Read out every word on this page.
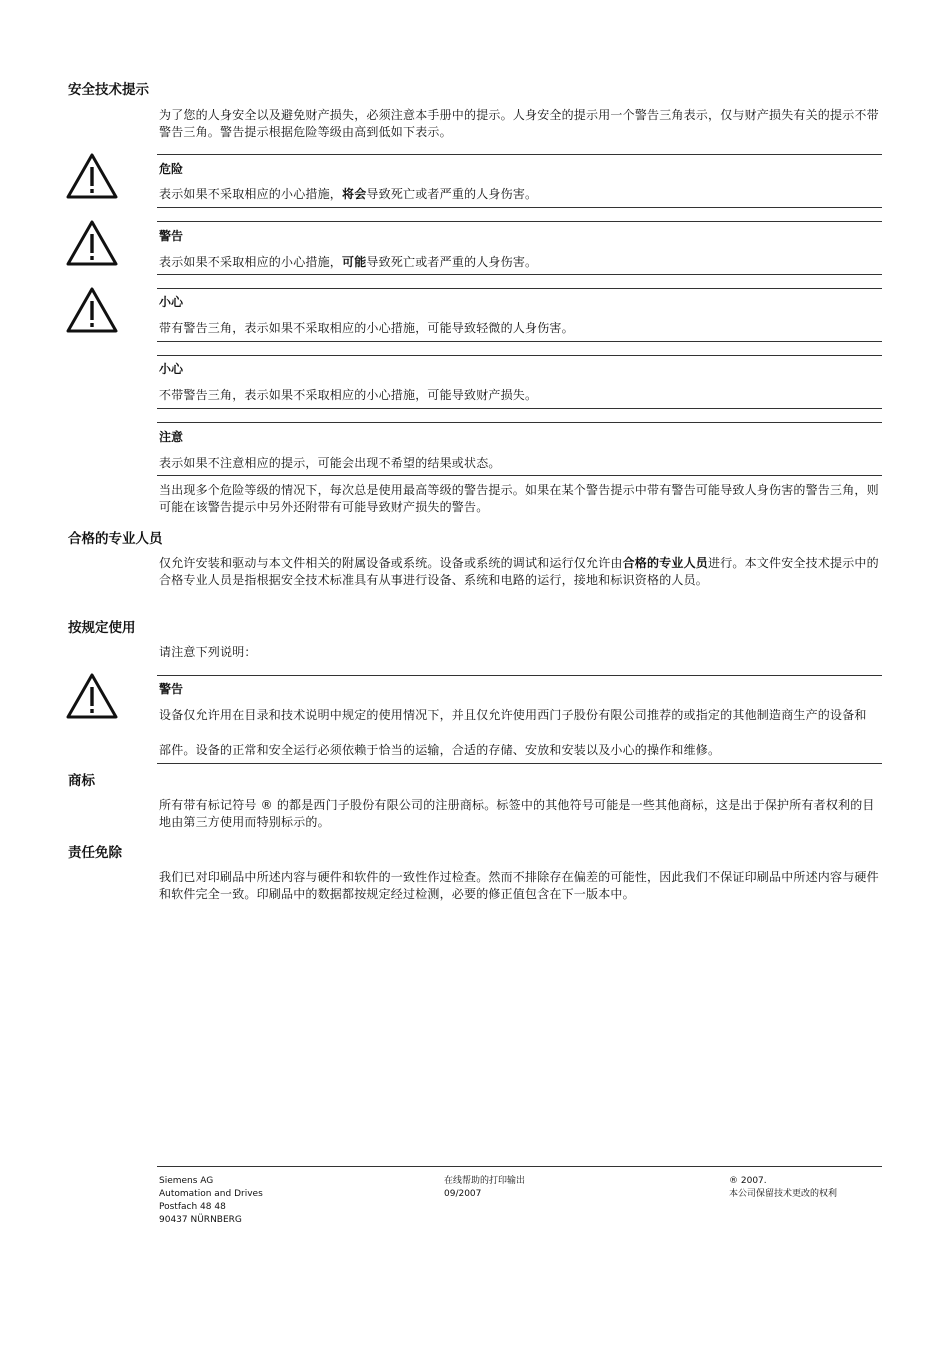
安全技术提示

为了您的人身安全以及避免财产损失，必须注意本手册中的提示。人身安全的提示用一个警告三角表示，仅与财产损失有关的提示不带警告三角。警告提示根据危险等级由高到低如下表示。

危险

表示如果不采取相应的小心措施，将会导致死亡或者严重的人身伤害。

警告

表示如果不采取相应的小心措施，可能导致死亡或者严重的人身伤害。

小心

带有警告三角，表示如果不采取相应的小心措施，可能导致轻微的人身伤害。

小心

不带警告三角，表示如果不采取相应的小心措施，可能导致财产损失。

注意

表示如果不注意相应的提示，可能会出现不希望的结果或状态。

当出现多个危险等级的情况下，每次总是使用最高等级的警告提示。如果在某个警告提示中带有警告可能导致人身伤害的警告三角，则可能在该警告提示中另外还附带有可能导致财产损失的警告。

合格的专业人员

仅允许安装和驱动与本文件相关的附属设备或系统。设备或系统的调试和运行仅允许由合格的专业人员进行。本文件安全技术提示中的合格专业人员是指根据安全技术标准具有从事进行设备、系统和电路的运行，接地和标识资格的人员。

按规定使用

请注意下列说明：

警告

设备仅允许用在目录和技术说明中规定的使用情况下，并且仅允许使用西门子股份有限公司推荐的或指定的其他制造商生产的设备和

部件。设备的正常和安全运行必须依赖于恰当的运输，合适的存储、安放和安装以及小心的操作和维修。

商标

所有带有标记符号 ® 的都是西门子股份有限公司的注册商标。标签中的其他符号可能是一些其他商标，这是出于保护所有者权利的目地由第三方使用而特别标示的。

责任免除

我们已对印刷品中所述内容与硬件和软件的一致性作过检查。然而不排除存在偏差的可能性，因此我们不保证印刷品中所述内容与硬件和软件完全一致。印刷品中的数据都按规定经过检测，必要的修正值包含在下一版本中。

Siemens AG
Automation and Drives
Postfach 48 48
90437 NÜRNBERG
在线帮助的打印输出
09/2007
® 2007.
本公司保留技术更改的权利
